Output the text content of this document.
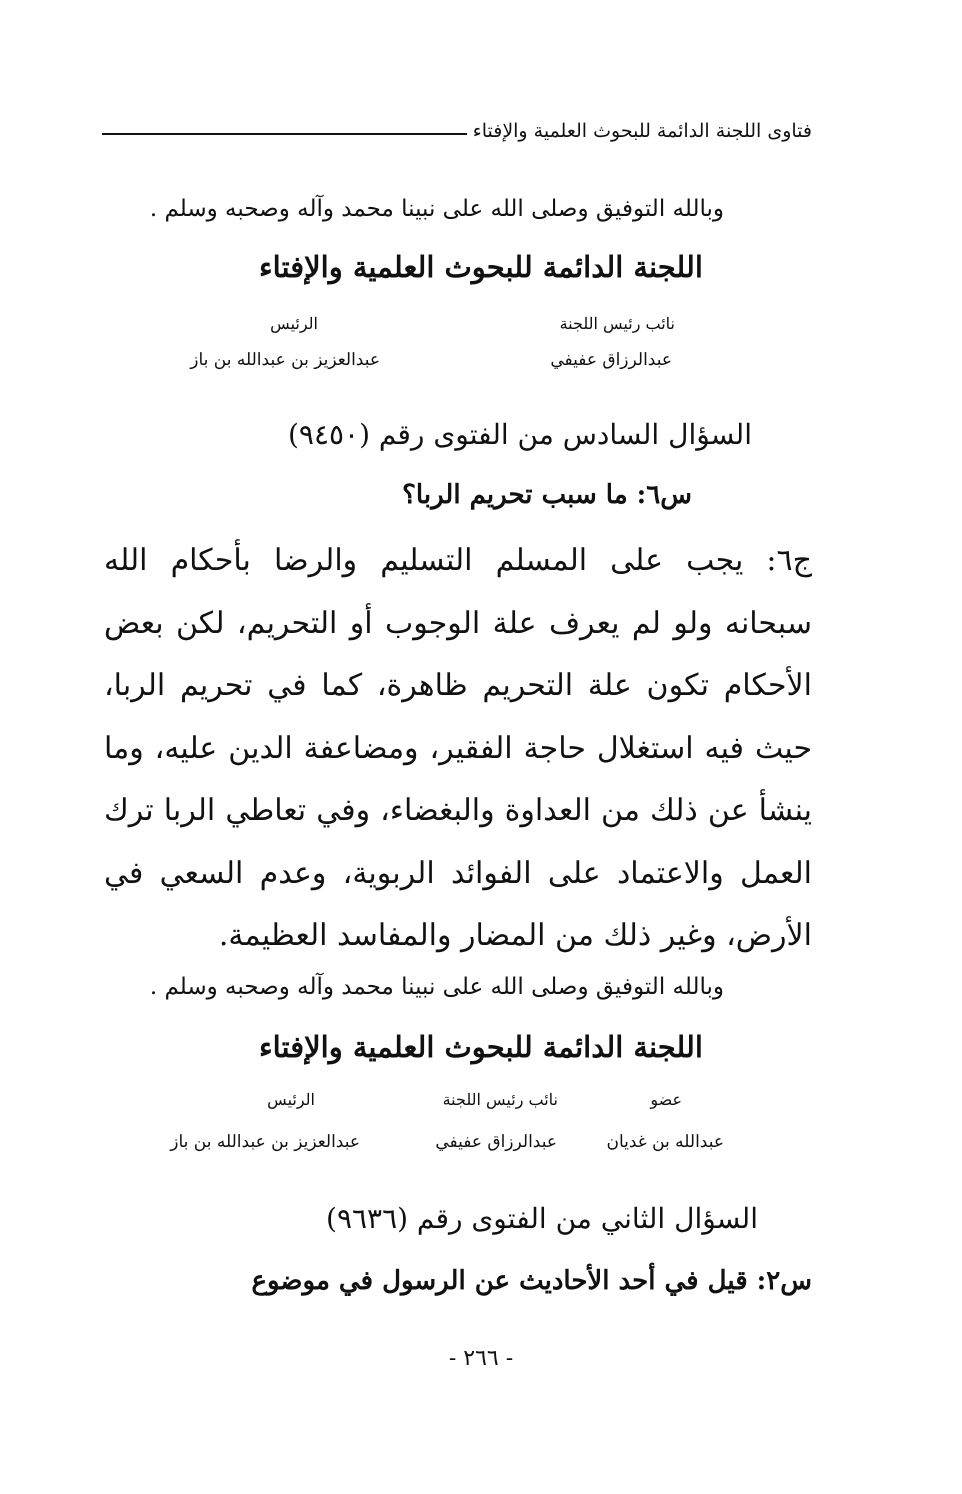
فتاوى اللجنة الدائمة للبحوث العلمية والإفتاء
وبالله التوفيق وصلى الله على نبينا محمد وآله وصحبه وسلم .
اللجنة الدائمة للبحوث العلمية والإفتاء
نائب رئيس اللجنة
عبدالرزاق عفيفي
الرئيس
عبدالعزيز بن عبدالله بن باز
السؤال السادس من الفتوى رقم (٩٤٥٠)
س٦: ما سبب تحريم الربا؟
ج٦: يجب على المسلم التسليم والرضا بأحكام الله سبحانه ولو لم يعرف علة الوجوب أو التحريم، لكن بعض الأحكام تكون علة التحريم ظاهرة، كما في تحريم الربا، حيث فيه استغلال حاجة الفقير، ومضاعفة الدين عليه، وما ينشأ عن ذلك من العداوة والبغضاء، وفي تعاطي الربا ترك العمل والاعتماد على الفوائد الربوية، وعدم السعي في الأرض، وغير ذلك من المضار والمفاسد العظيمة.
وبالله التوفيق وصلى الله على نبينا محمد وآله وصحبه وسلم .
اللجنة الدائمة للبحوث العلمية والإفتاء
عضو
عبدالله بن غديان
نائب رئيس اللجنة
عبدالرزاق عفيفي
الرئيس
عبدالعزيز بن عبدالله بن باز
السؤال الثاني من الفتوى رقم (٩٦٣٦)
س٢: قيل في أحد الأحاديث عن الرسول في موضوع
- ٢٦٦ -
